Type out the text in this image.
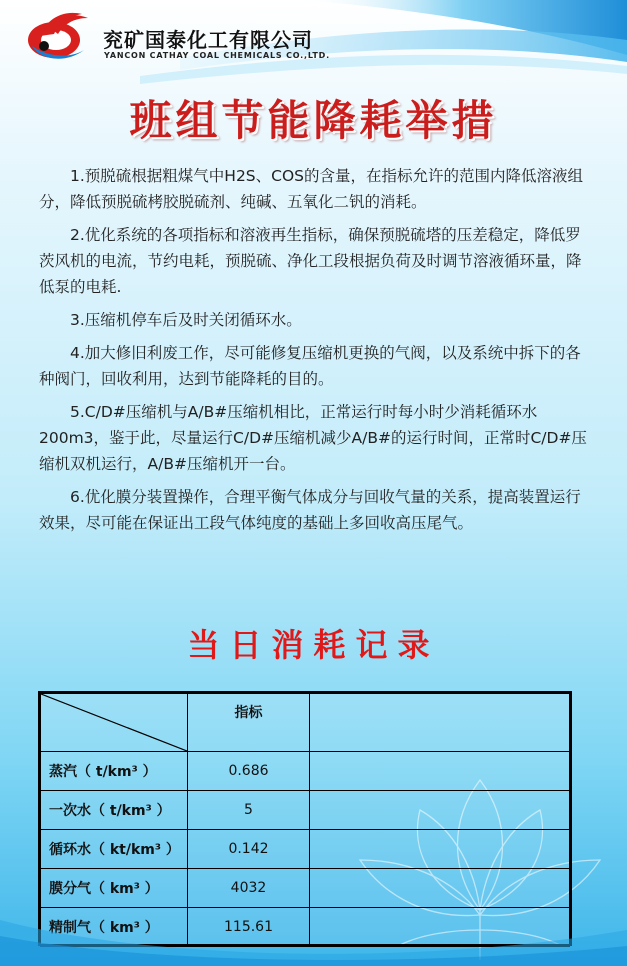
兖矿国泰化工有限公司

YANCON CATHAY COAL CHEMICALS CO.,LTD.

班组节能降耗举措

1.预脱硫根据粗煤气中H2S、COS的含量，在指标允许的范围内降低溶液组分，降低预脱硫栲胶脱硫剂、纯碱、五氧化二钒的消耗。

2.优化系统的各项指标和溶液再生指标，确保预脱硫塔的压差稳定，降低罗茨风机的电流，节约电耗，预脱硫、净化工段根据负荷及时调节溶液循环量，降低泵的电耗.

3.压缩机停车后及时关闭循环水。

4.加大修旧利废工作，尽可能修复压缩机更换的气阀，以及系统中拆下的各种阀门，回收利用，达到节能降耗的目的。

5.C/D#压缩机与A/B#压缩机相比，正常运行时每小时少消耗循环水200m3，鉴于此，尽量运行C/D#压缩机减少A/B#的运行时间，正常时C/D#压缩机双机运行，A/B#压缩机开一台。

6.优化膜分装置操作，合理平衡气体成分与回收气量的关系，提高装置运行效果，尽可能在保证出工段气体纯度的基础上多回收高压尾气。

当日消耗记录
	指标	
蒸汽（ t/km³ ）	0.686	
一次水（ t/km³ ）	5	
循环水（ kt/km³ ）	0.142	
膜分气（ km³ ）	4032	
精制气（ km³ ）	115.61	
